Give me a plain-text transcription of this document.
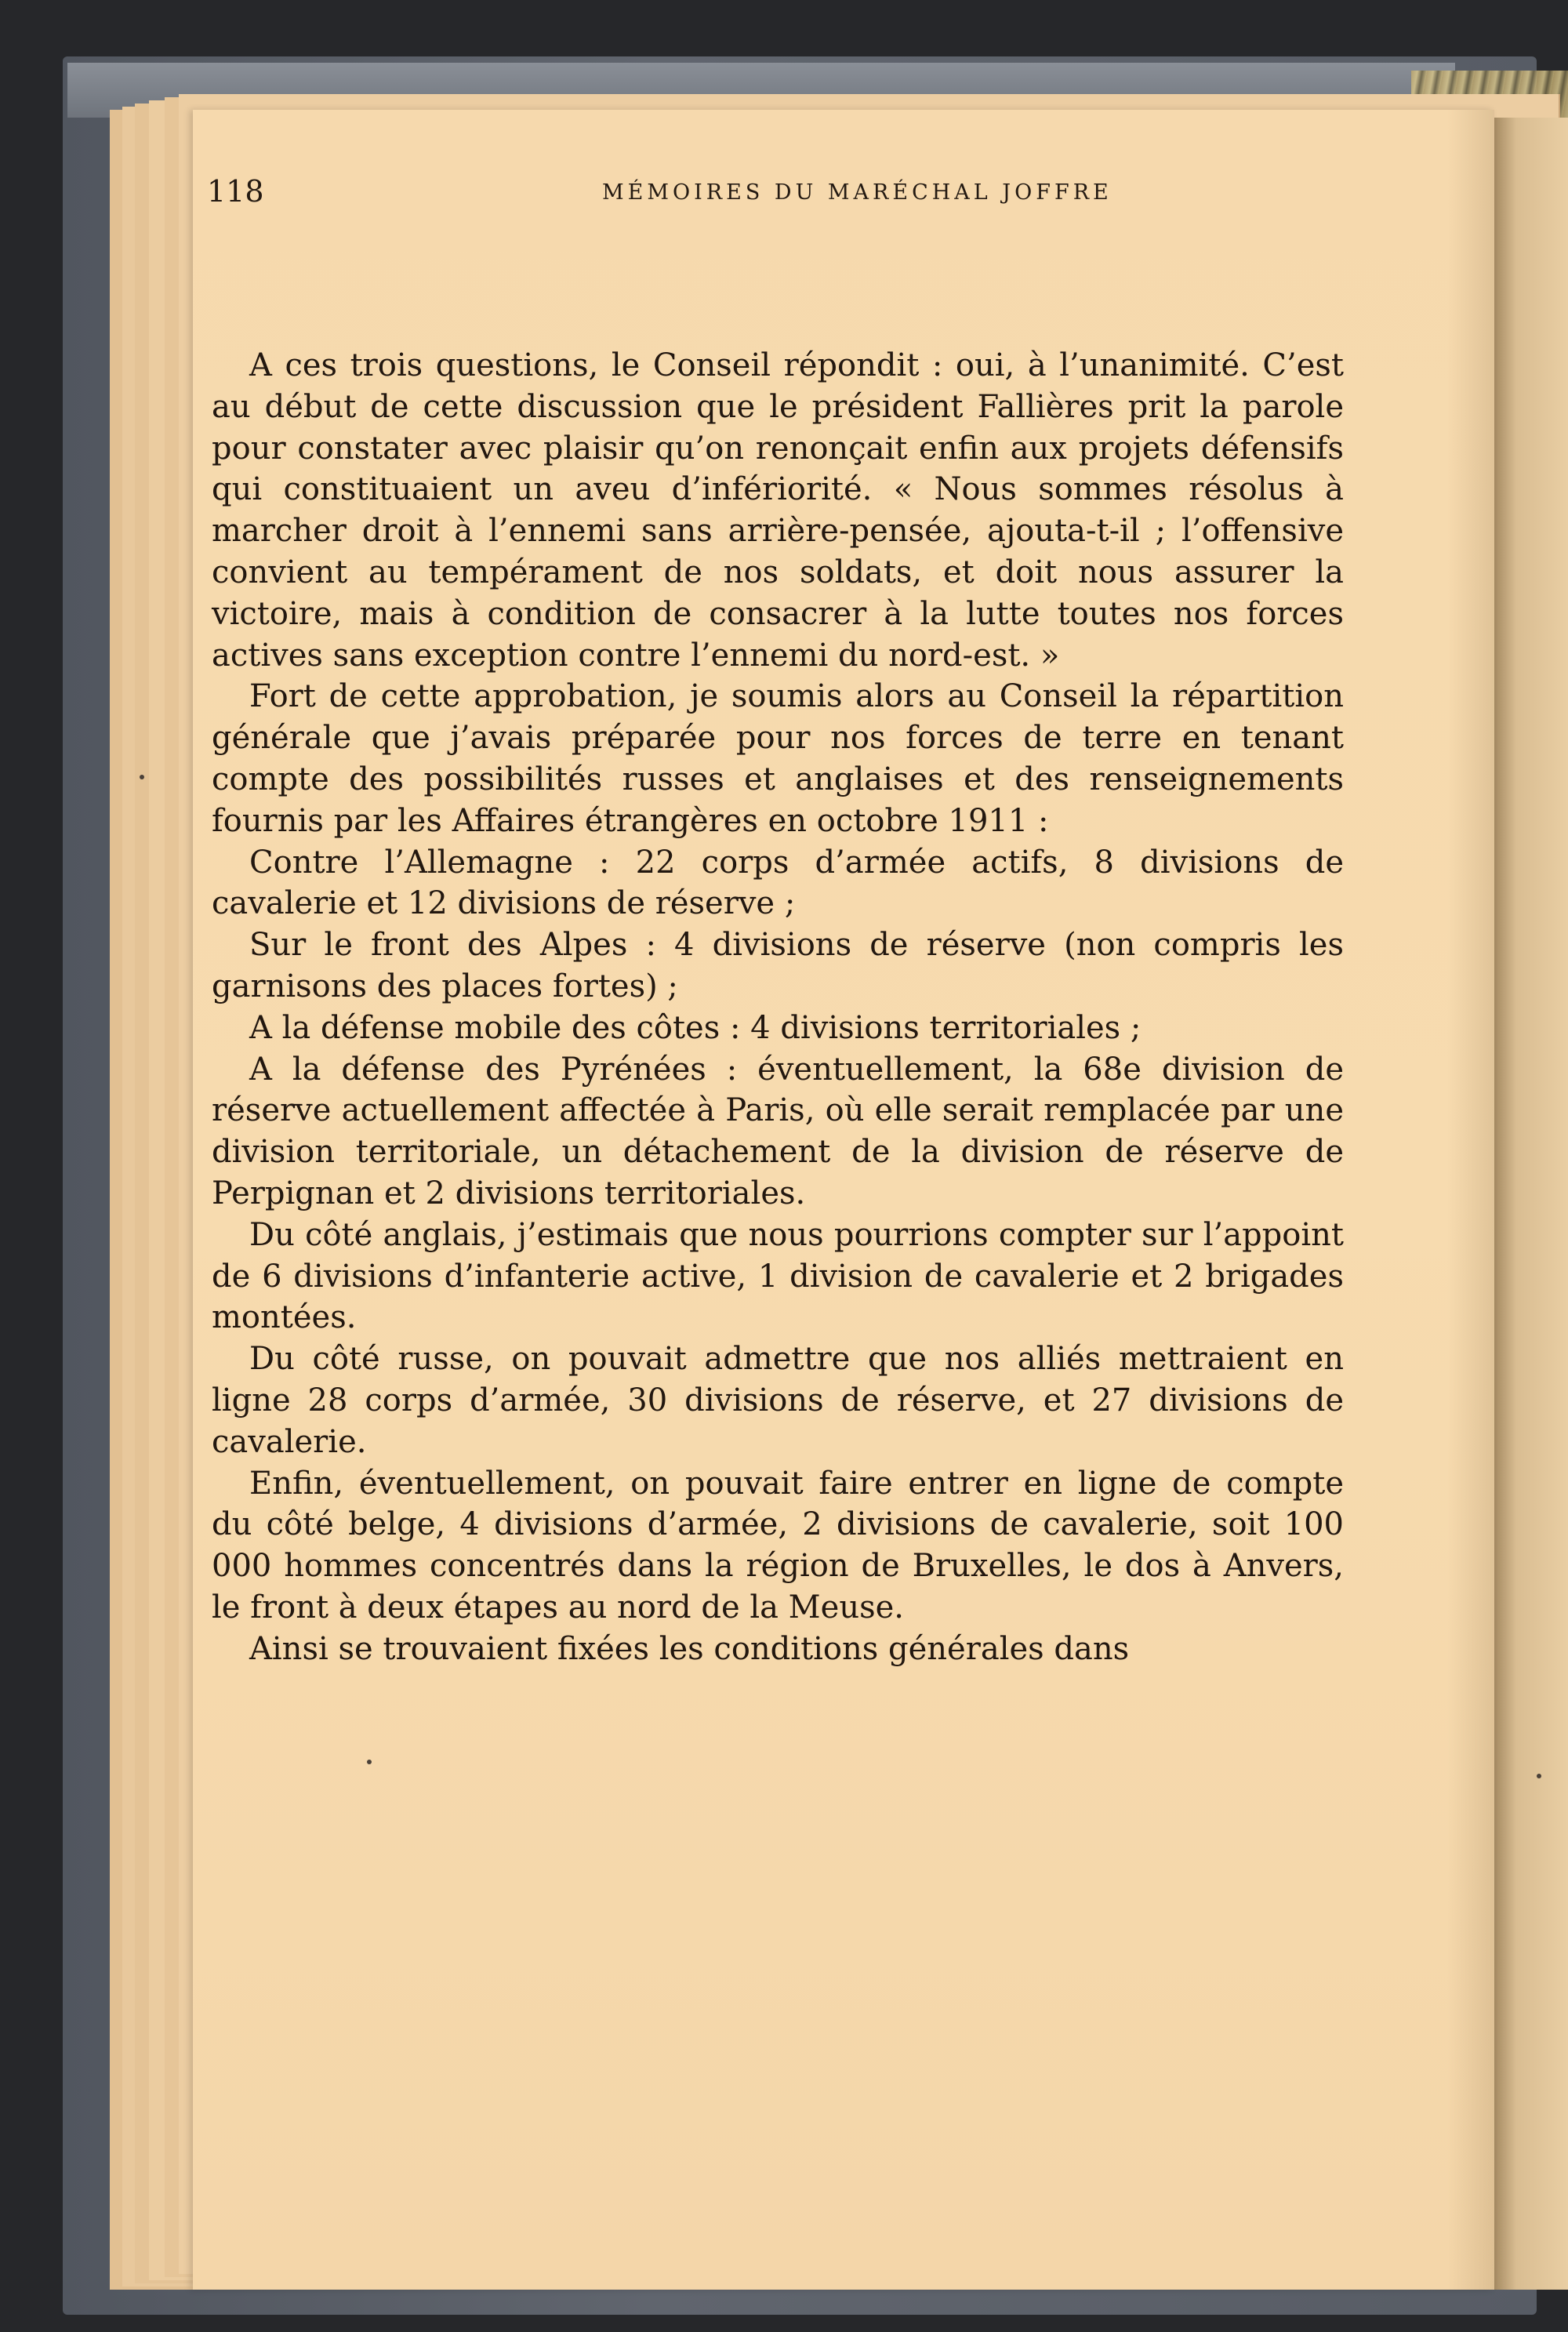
118	MÉMOIRES DU MARÉCHAL JOFFRE

A ces trois questions, le Conseil répondit : oui, à l’unanimité. C’est au début de cette discussion que le président Fallières prit la parole pour constater avec plaisir qu’on renonçait enfin aux projets défensifs qui constituaient un aveu d’infériorité. « Nous sommes résolus à marcher droit à l’ennemi sans arrière-pensée, ajouta-t-il ; l’offensive convient au tempérament de nos soldats, et doit nous assurer la victoire, mais à condition de consacrer à la lutte toutes nos forces actives sans exception contre l’ennemi du nord-est. »

Fort de cette approbation, je soumis alors au Conseil la répartition générale que j’avais préparée pour nos forces de terre en tenant compte des possibilités russes et anglaises et des renseignements fournis par les Affaires étrangères en octobre 1911 :

Contre l’Allemagne : 22 corps d’armée actifs, 8 divisions de cavalerie et 12 divisions de réserve ;

Sur le front des Alpes : 4 divisions de réserve (non compris les garnisons des places fortes) ;

A la défense mobile des côtes : 4 divisions territoriales ;

A la défense des Pyrénées : éventuellement, la 68e division de réserve actuellement affectée à Paris, où elle serait remplacée par une division territoriale, un détachement de la division de réserve de Perpignan et 2 divisions territoriales.

Du côté anglais, j’estimais que nous pourrions compter sur l’appoint de 6 divisions d’infanterie active, 1 division de cavalerie et 2 brigades montées.

Du côté russe, on pouvait admettre que nos alliés mettraient en ligne 28 corps d’armée, 30 divisions de réserve, et 27 divisions de cavalerie.

Enfin, éventuellement, on pouvait faire entrer en ligne de compte du côté belge, 4 divisions d’armée, 2 divisions de cavalerie, soit 100 000 hommes concentrés dans la région de Bruxelles, le dos à Anvers, le front à deux étapes au nord de la Meuse.

Ainsi se trouvaient fixées les conditions générales dans
